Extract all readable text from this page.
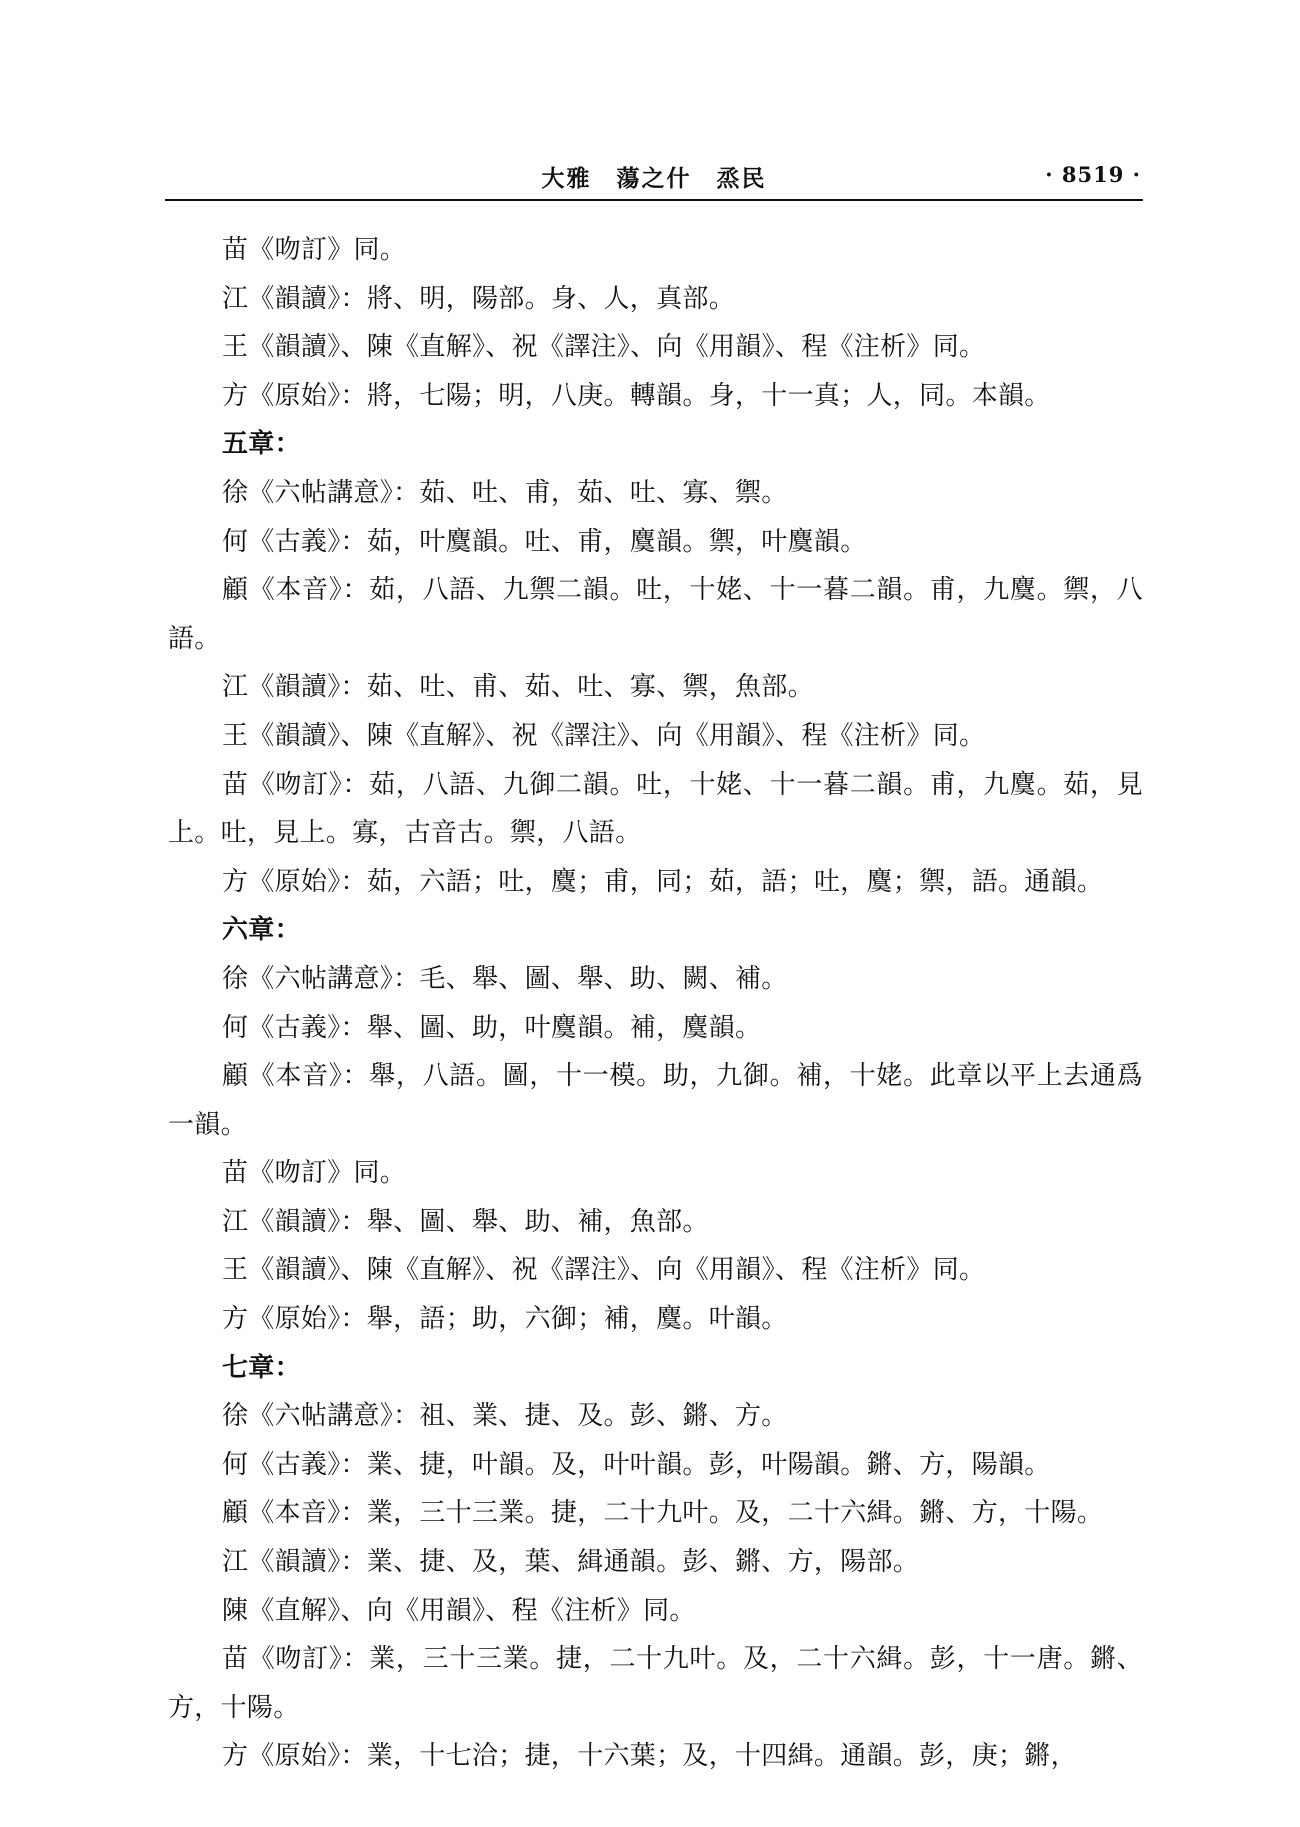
大雅　蕩之什　烝民	· 8519 ·

苗《吻訂》同。

江《韻讀》：將、明，陽部。身、人，真部。

王《韻讀》、陳《直解》、祝《譯注》、向《用韻》、程《注析》同。

方《原始》：將，七陽；明，八庚。轉韻。身，十一真；人，同。本韻。

五章：

徐《六帖講意》：茹、吐、甫，茹、吐、寡、禦。

何《古義》：茹，叶麌韻。吐、甫，麌韻。禦，叶麌韻。

顧《本音》：茹，八語、九禦二韻。吐，十姥、十一暮二韻。甫，九麌。禦，八語。

江《韻讀》：茹、吐、甫、茹、吐、寡、禦，魚部。

王《韻讀》、陳《直解》、祝《譯注》、向《用韻》、程《注析》同。

苗《吻訂》：茹，八語、九御二韻。吐，十姥、十一暮二韻。甫，九麌。茹，見上。吐，見上。寡，古音古。禦，八語。

方《原始》：茹，六語；吐，麌；甫，同；茹，語；吐，麌；禦，語。通韻。

六章：

徐《六帖講意》：毛、舉、圖、舉、助、闕、補。

何《古義》：舉、圖、助，叶麌韻。補，麌韻。

顧《本音》：舉，八語。圖，十一模。助，九御。補，十姥。此章以平上去通爲一韻。

苗《吻訂》同。

江《韻讀》：舉、圖、舉、助、補，魚部。

王《韻讀》、陳《直解》、祝《譯注》、向《用韻》、程《注析》同。

方《原始》：舉，語；助，六御；補，麌。叶韻。

七章：

徐《六帖講意》：祖、業、捷、及。彭、鏘、方。

何《古義》：業、捷，叶韻。及，叶叶韻。彭，叶陽韻。鏘、方，陽韻。

顧《本音》：業，三十三業。捷，二十九叶。及，二十六緝。鏘、方，十陽。

江《韻讀》：業、捷、及，葉、緝通韻。彭、鏘、方，陽部。

陳《直解》、向《用韻》、程《注析》同。

苗《吻訂》：業，三十三業。捷，二十九叶。及，二十六緝。彭，十一唐。鏘、方，十陽。

方《原始》：業，十七洽；捷，十六葉；及，十四緝。通韻。彭，庚；鏘，
